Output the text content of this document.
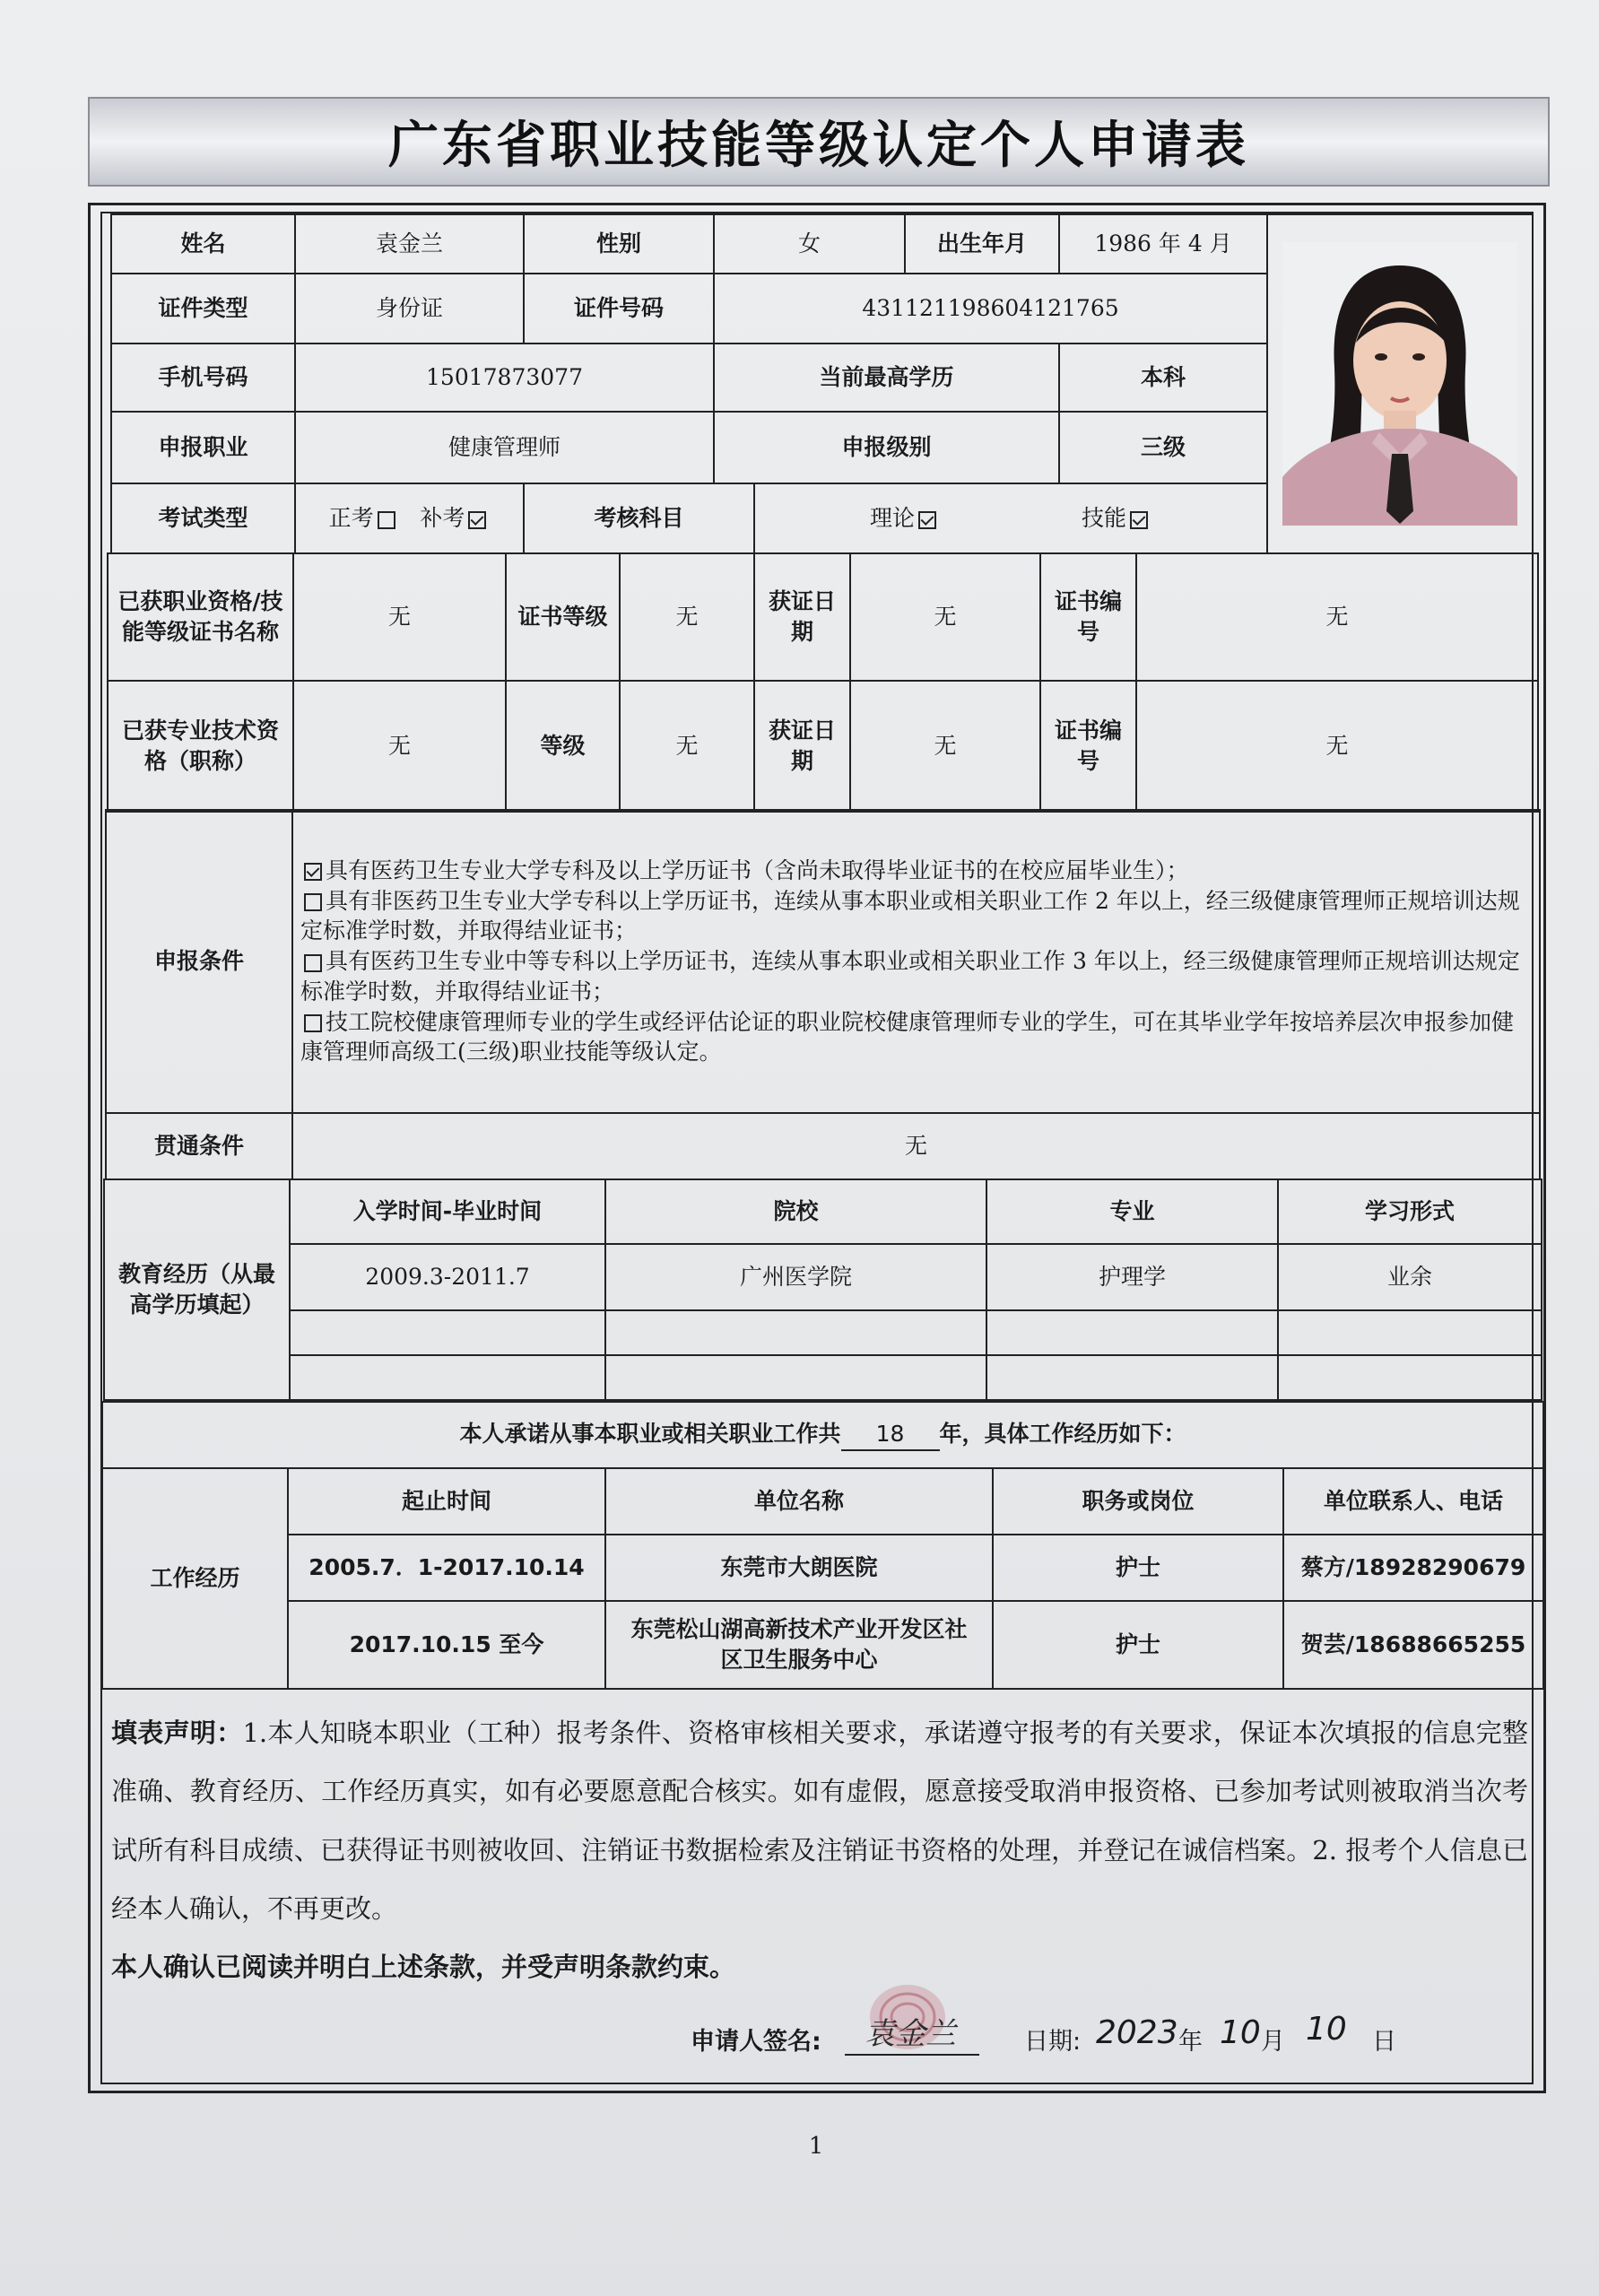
广东省职业技能等级认定个人申请表
姓名	袁金兰	性别	女		出生年月	1986 年 4 月	

证件类型	身份证	证件号码	431121198604121765				
手机号码	15017873077		当前最高学历			本科	
申报职业	健康管理师		申报级别			三级	
考试类型	正考 补考	考核科目		理论 技能			
已获职业资格/技能等级证书名称	无	证书等级	无	获证日期	无	证书编号	无
已获专业技术资格（职称）	无	等级	无	获证日期	无	证书编号	无
申报条件	具有医药卫生专业大学专科及以上学历证书（含尚未取得毕业证书的在校应届毕业生）；
具有非医药卫生专业大学专科以上学历证书，连续从事本职业或相关职业工作 2 年以上，经三级健康管理师正规培训达规定标准学时数，并取得结业证书；
具有医药卫生专业中等专科以上学历证书，连续从事本职业或相关职业工作 3 年以上，经三级健康管理师正规培训达规定标准学时数，并取得结业证书；
技工院校健康管理师专业的学生或经评估论证的职业院校健康管理师专业的学生，可在其毕业学年按培养层次申报参加健康管理师高级工(三级)职业技能等级认定。

贯通条件	无
教育经历（从最高学历填起）	入学时间-毕业时间	院校	专业	学习形式
	2009.3-2011.7	广州医学院	护理学	业余

本人承诺从事本职业或相关职业工作共 18 年，具体工作经历如下：				
工作经历	起止时间	单位名称	职务或岗位	单位联系人、电话
	2005.7．1-2017.10.14	东莞市大朗医院	护士	蔡方/18928290679
	2017.10.15 至今	东莞松山湖高新技术产业开发区社区卫生服务中心	护士	贺芸/18688665255
填表声明：1.本人知晓本职业（工种）报考条件、资格审核相关要求，承诺遵守报考的有关要求，保证本次填报的信息完整准确、教育经历、工作经历真实，如有必要愿意配合核实。如有虚假，愿意接受取消申报资格、已参加考试则被取消当次考试所有科目成绩、已获得证书则被收回、注销证书数据检索及注销证书资格的处理，并登记在诚信档案。2. 报考个人信息已经本人确认，不再更改。
本人确认已阅读并明白上述条款，并受声明条款约束。
申请人签名: 袁金兰	日期: 2023 年 10 月 10 日
1
